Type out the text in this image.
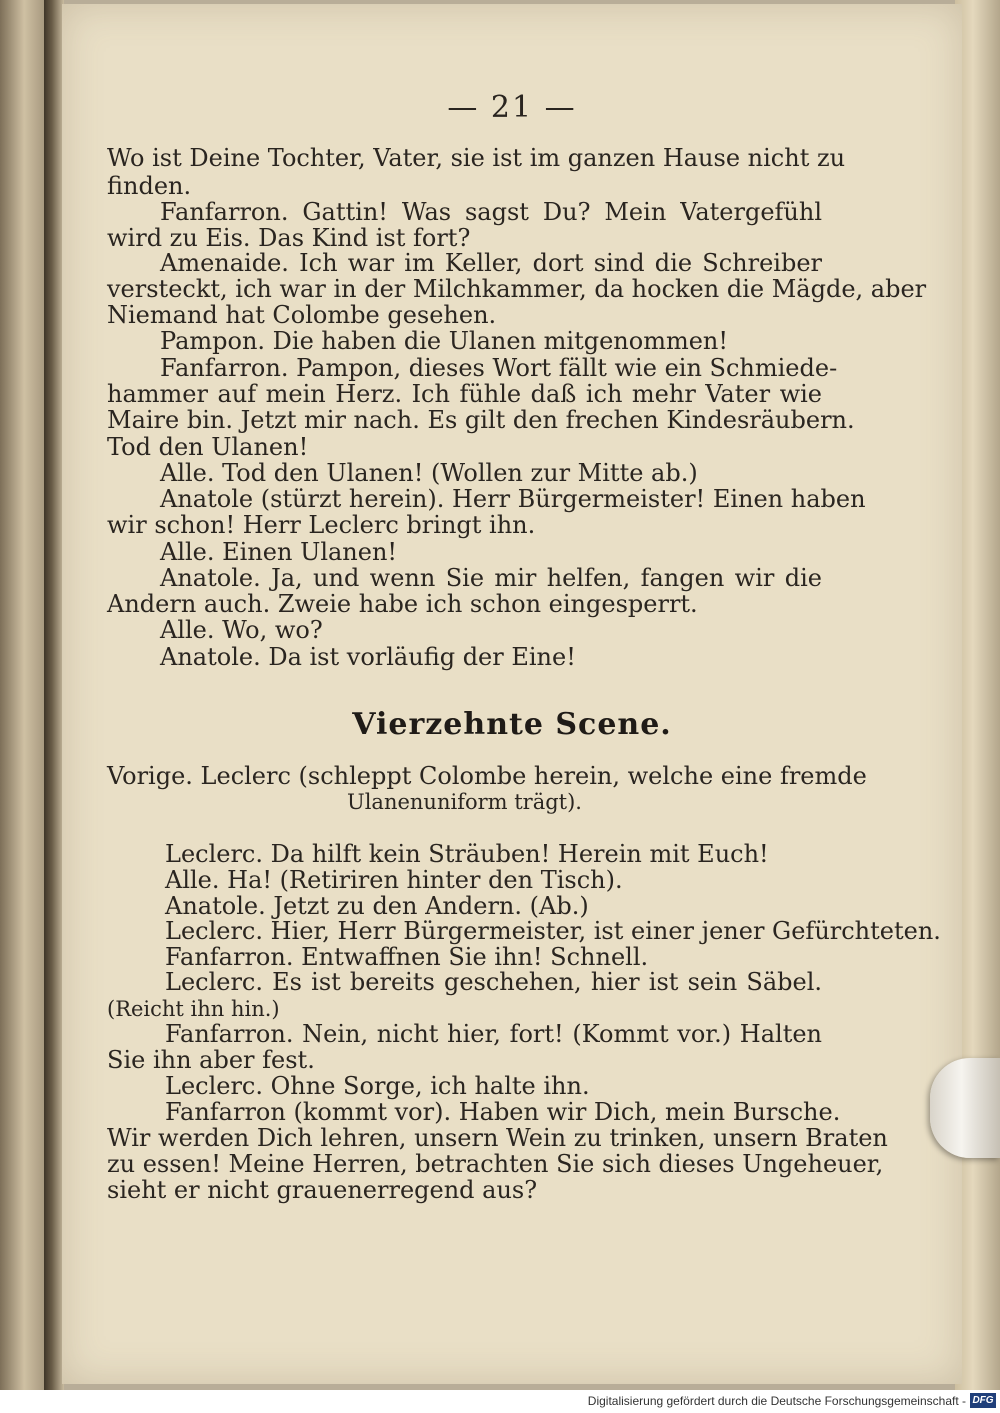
— 21 —
Wo ist Deine Tochter, Vater, sie ist im ganzen Hause nicht zu
finden.
Fanfarron. Gattin! Was sagst Du? Mein Vatergefühl
wird zu Eis. Das Kind ist fort?
Amenaide. Ich war im Keller, dort sind die Schreiber
versteckt, ich war in der Milchkammer, da hocken die Mägde, aber
Niemand hat Colombe gesehen.
Pampon. Die haben die Ulanen mitgenommen!
Fanfarron. Pampon, dieses Wort fällt wie ein Schmiede-
hammer auf mein Herz. Ich fühle daß ich mehr Vater wie
Maire bin. Jetzt mir nach. Es gilt den frechen Kindesräubern.
Tod den Ulanen!
Alle. Tod den Ulanen! (Wollen zur Mitte ab.)
Anatole (stürzt herein). Herr Bürgermeister! Einen haben
wir schon! Herr Leclerc bringt ihn.
Alle. Einen Ulanen!
Anatole. Ja, und wenn Sie mir helfen, fangen wir die
Andern auch. Zweie habe ich schon eingesperrt.
Alle. Wo, wo?
Anatole. Da ist vorläufig der Eine!
Vierzehnte Scene.
Vorige. Leclerc (schleppt Colombe herein, welche eine fremde
Ulanenuniform trägt).
Leclerc. Da hilft kein Sträuben! Herein mit Euch!
Alle. Ha! (Retiriren hinter den Tisch).
Anatole. Jetzt zu den Andern. (Ab.)
Leclerc. Hier, Herr Bürgermeister, ist einer jener Gefürchteten.
Fanfarron. Entwaffnen Sie ihn! Schnell.
Leclerc. Es ist bereits geschehen, hier ist sein Säbel.
(Reicht ihn hin.)
Fanfarron. Nein, nicht hier, fort! (Kommt vor.) Halten
Sie ihn aber fest.
Leclerc. Ohne Sorge, ich halte ihn.
Fanfarron (kommt vor). Haben wir Dich, mein Bursche.
Wir werden Dich lehren, unsern Wein zu trinken, unsern Braten
zu essen! Meine Herren, betrachten Sie sich dieses Ungeheuer,
sieht er nicht grauenerregend aus?
Digitalisierung gefördert durch die Deutsche Forschungsgemeinschaft - DFG
